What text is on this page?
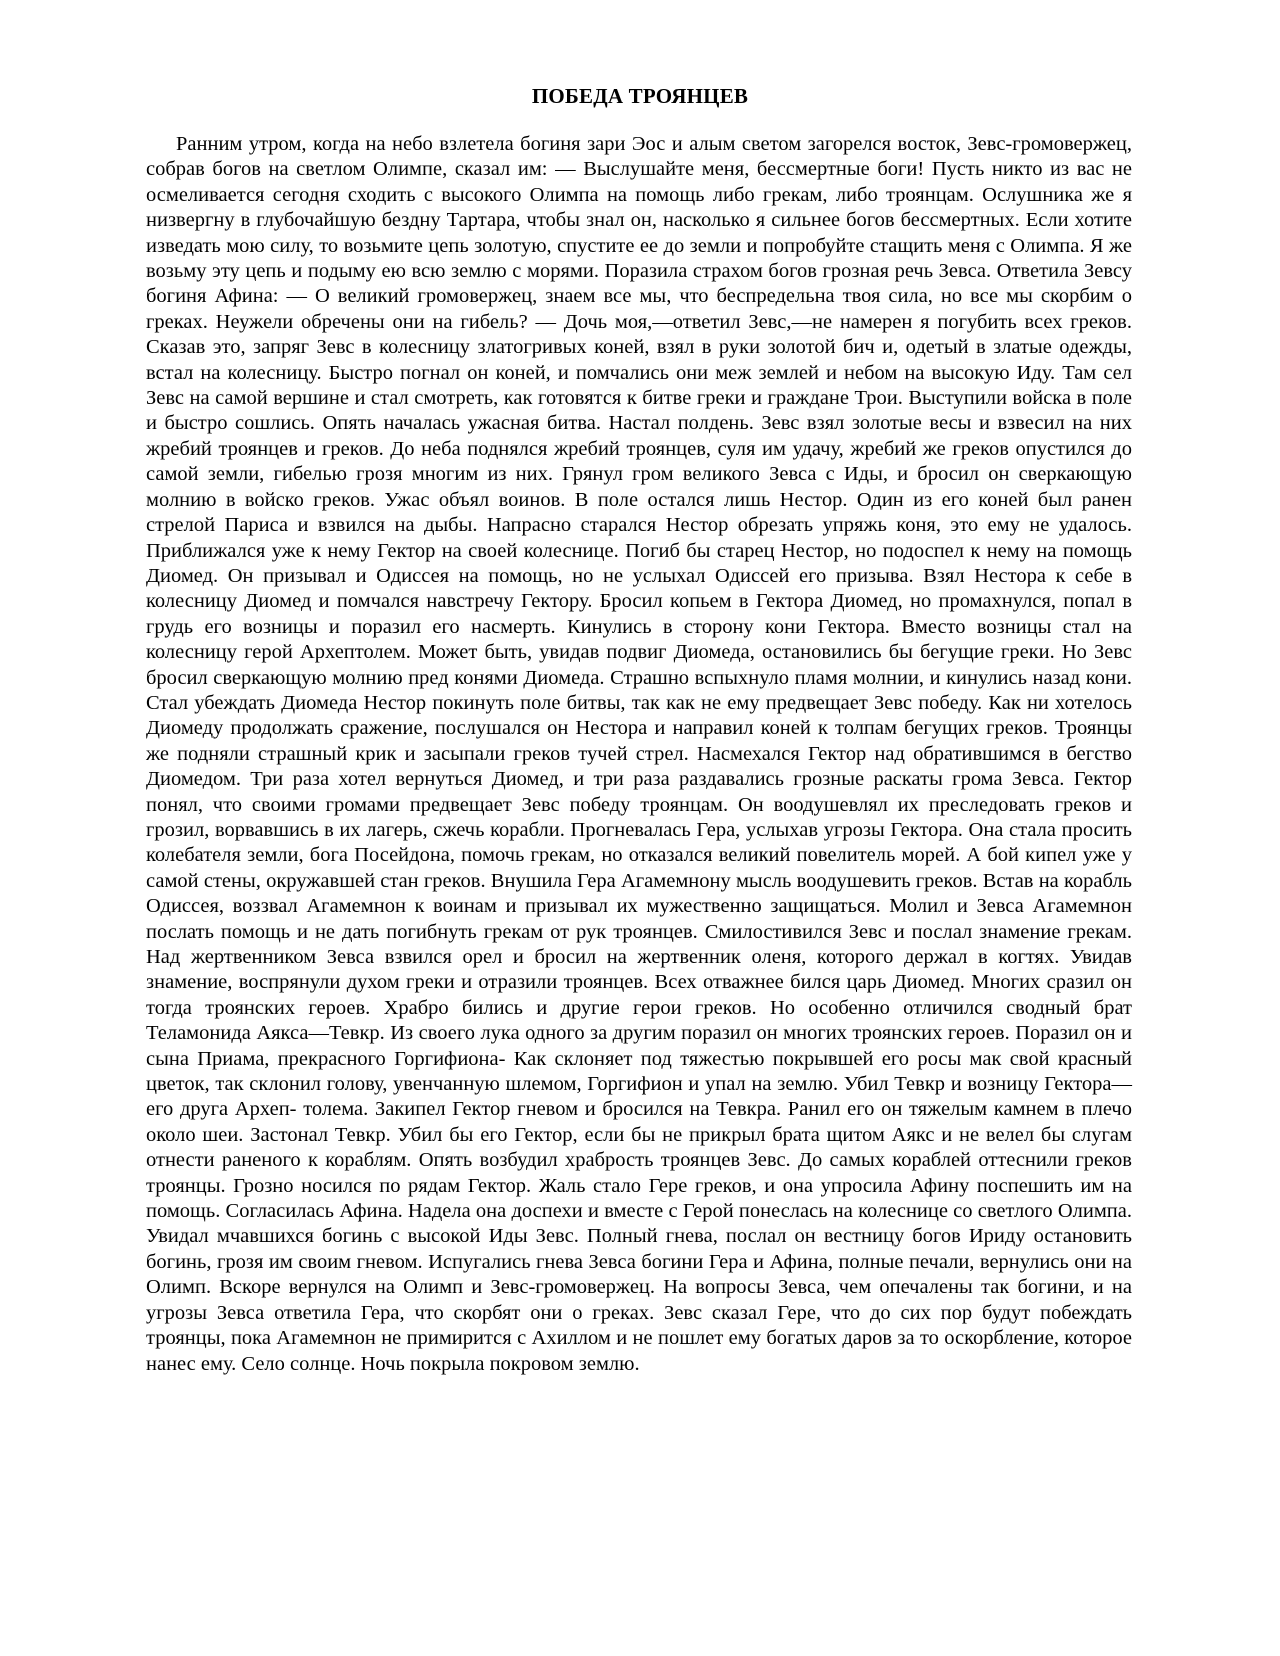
ПОБЕДА ТРОЯНЦЕВ

Ранним утром, когда на небо взлетела богиня зари Эос и алым светом загорелся восток, Зевс-громовержец, собрав богов на светлом Олимпе, сказал им: — Выслушайте меня, бессмертные боги! Пусть никто из вас не осмеливается сегодня сходить с высокого Олимпа на помощь либо грекам, либо троянцам. Ослушника же я низвергну в глубочайшую бездну Тартара, чтобы знал он, насколько я сильнее богов бессмертных. Если хотите изведать мою силу, то возьмите цепь золотую, спустите ее до земли и попробуйте стащить меня с Олимпа. Я же возьму эту цепь и подыму ею всю землю с морями. Поразила страхом богов грозная речь Зевса. Ответила Зевсу богиня Афина: — О великий громовержец, знаем все мы, что беспредельна твоя сила, но все мы скорбим о греках. Неужели обречены они на гибель? — Дочь моя,—ответил Зевс,—не намерен я погубить всех греков. Сказав это, запряг Зевс в колесницу златогривых коней, взял в руки золотой бич и, одетый в златые одежды, встал на колесницу. Быстро погнал он коней, и помчались они меж землей и небом на высокую Иду. Там сел Зевс на самой вершине и стал смотреть, как готовятся к битве греки и граждане Трои. Выступили войска в поле и быстро сошлись. Опять началась ужасная битва. Настал полдень. Зевс взял золотые весы и взвесил на них жребий троянцев и греков. До неба поднялся жребий троянцев, суля им удачу, жребий же греков опустился до самой земли, гибелью грозя многим из них. Грянул гром великого Зевса с Иды, и бросил он сверкающую молнию в войско греков. Ужас объял воинов. В поле остался лишь Нестор. Один из его коней был ранен стрелой Париса и взвился на дыбы. Напрасно старался Нестор обрезать упряжь коня, это ему не удалось. Приближался уже к нему Гектор на своей колеснице. Погиб бы старец Нестор, но подоспел к нему на помощь Диомед. Он призывал и Одиссея на помощь, но не услыхал Одиссей его призыва. Взял Нестора к себе в колесницу Диомед и помчался навстречу Гектору. Бросил копьем в Гектора Диомед, но промахнулся, попал в грудь его возницы и поразил его насмерть. Кинулись в сторону кони Гектора. Вместо возницы стал на колесницу герой Архептолем. Может быть, увидав подвиг Диомеда, остановились бы бегущие греки. Но Зевс бросил сверкающую молнию пред конями Диомеда. Страшно вспыхнуло пламя молнии, и кинулись назад кони. Стал убеждать Диомеда Нестор покинуть поле битвы, так как не ему предвещает Зевс победу. Как ни хотелось Диомеду продолжать сражение, послушался он Нестора и направил коней к толпам бегущих греков. Троянцы же подняли страшный крик и засыпали греков тучей стрел. Насмехался Гектор над обратившимся в бегство Диомедом. Три раза хотел вернуться Диомед, и три раза раздавались грозные раскаты грома Зевса. Гектор понял, что своими громами предвещает Зевс победу троянцам. Он воодушевлял их преследовать греков и грозил, ворвавшись в их лагерь, сжечь корабли. Прогневалась Гера, услыхав угрозы Гектора. Она стала просить колебателя земли, бога Посейдона, помочь грекам, но отказался великий повелитель морей. А бой кипел уже у самой стены, окружавшей стан греков. Внушила Гера Агамемнону мысль воодушевить греков. Встав на корабль Одиссея, воззвал Агамемнон к воинам и призывал их мужественно защищаться. Молил и Зевса Агамемнон послать помощь и не дать погибнуть грекам от рук троянцев. Смилостивился Зевс и послал знамение грекам. Над жертвенником Зевса взвился орел и бросил на жертвенник оленя, которого держал в когтях. Увидав знамение, воспрянули духом греки и отразили троянцев. Всех отважнее бился царь Диомед. Многих сразил он тогда троянских героев. Храбро бились и другие герои греков. Но особенно отличился сводный брат Теламонида Аякса—Тевкр. Из своего лука одного за другим поразил он многих троянских героев. Поразил он и сына Приама, прекрасного Горгифиона- Как склоняет под тяжестью покрывшей его росы мак свой красный цветок, так склонил голову, увенчанную шлемом, Горгифион и упал на землю. Убил Тевкр и возницу Гектора—его друга Археп- толема. Закипел Гектор гневом и бросился на Тевкра. Ранил его он тяжелым камнем в плечо около шеи. Застонал Тевкр. Убил бы его Гектор, если бы не прикрыл брата щитом Аякс и не велел бы слугам отнести раненого к кораблям. Опять возбудил храбрость троянцев Зевс. До самых кораблей оттеснили греков троянцы. Грозно носился по рядам Гектор. Жаль стало Гере греков, и она упросила Афину поспешить им на помощь. Согласилась Афина. Надела она доспехи и вместе с Герой понеслась на колеснице со светлого Олимпа. Увидал мчавшихся богинь с высокой Иды Зевс. Полный гнева, послал он вестницу богов Ириду остановить богинь, грозя им своим гневом. Испугались гнева Зевса богини Гера и Афина, полные печали, вернулись они на Олимп. Вскоре вернулся на Олимп и Зевс-громовержец. На вопросы Зевса, чем опечалены так богини, и на угрозы Зевса ответила Гера, что скорбят они о греках. Зевс сказал Гере, что до сих пор будут побеждать троянцы, пока Агамемнон не примирится с Ахиллом и не пошлет ему богатых даров за то оскорбление, которое нанес ему. Село солнце. Ночь покрыла покровом землю.
